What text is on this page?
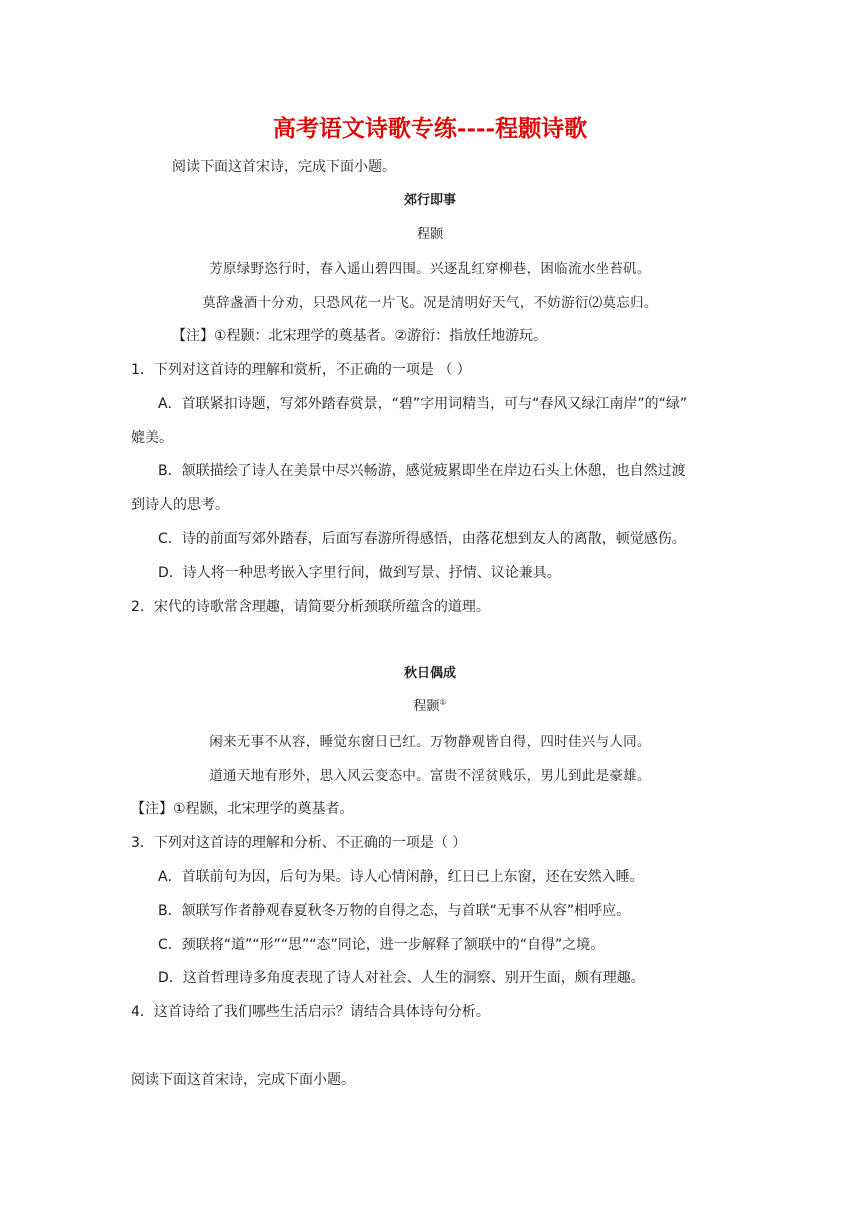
高考语文诗歌专练----程颢诗歌
阅读下面这首宋诗，完成下面小题。
郊行即事
程颢
芳原绿野恣行时，春入遥山碧四围。兴逐乱红穿柳巷，困临流水坐苔矶。
莫辞盏酒十分劝，只恐风花一片飞。况是清明好天气，不妨游衍⑵莫忘归。
【注】①程颢：北宋理学的奠基者。②游衍：指放任地游玩。
1．下列对这首诗的理解和赏析，不正确的一项是 （ ）
A．首联紧扣诗题，写郊外踏春赏景，“碧”字用词精当，可与“春风又绿江南岸”的“绿”
媲美。
B．颔联描绘了诗人在美景中尽兴畅游，感觉疲累即坐在岸边石头上休憩，也自然过渡
到诗人的思考。
C．诗的前面写郊外踏春，后面写春游所得感悟，由落花想到友人的离散，顿觉感伤。
D．诗人将一种思考嵌入字里行间，做到写景、抒情、议论兼具。
2．宋代的诗歌常含理趣，请简要分析颈联所蕴含的道理。
秋日偶成
程颢①
闲来无事不从容，睡觉东窗日已红。万物静观皆自得，四时佳兴与人同。
道通天地有形外，思入风云变态中。富贵不淫贫贱乐，男儿到此是豪雄。
【注】①程颢，北宋理学的奠基者。
3．下列对这首诗的理解和分析、不正确的一项是（ ）
A．首联前句为因，后句为果。诗人心情闲静，红日已上东窗，还在安然入睡。
B．颔联写作者静观春夏秋冬万物的自得之态，与首联“无事不从容”相呼应。
C．颈联将“道”“形”“思”“态”同论，进一步解释了颔联中的“自得”之境。
D．这首哲理诗多角度表现了诗人对社会、人生的洞察、别开生面，颇有理趣。
4．这首诗给了我们哪些生活启示？请结合具体诗句分析。
阅读下面这首宋诗，完成下面小题。
